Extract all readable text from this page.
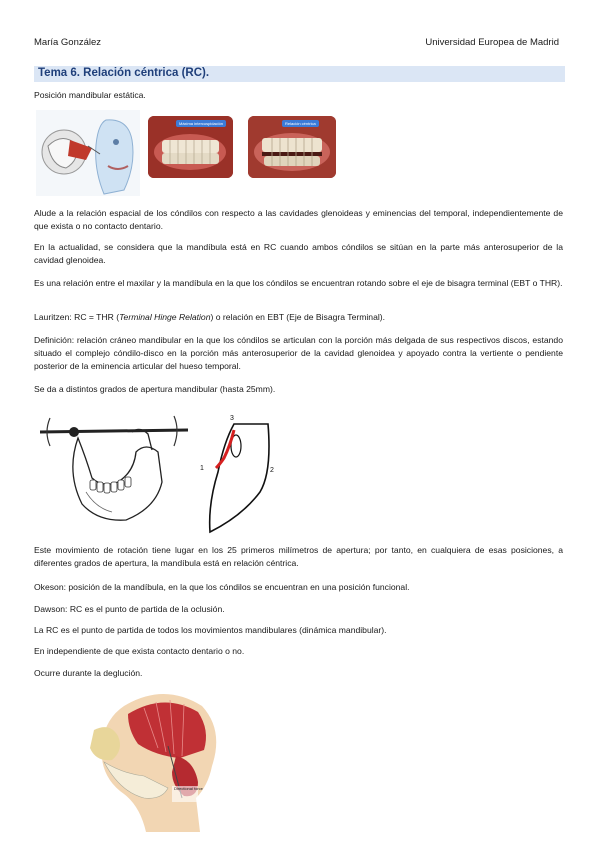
María González	Universidad Europea de Madrid
Tema 6. Relación céntrica (RC).
Posición mandibular estática.
Máxima intercuspidación	Relación céntrica
Alude a la relación espacial de los cóndilos con respecto a las cavidades glenoideas y eminencias del temporal, independientemente de que exista o no contacto dentario.
En la actualidad, se considera que la mandíbula está en RC cuando ambos cóndilos se sitúan en la parte más anterosuperior de la cavidad glenoidea.
Es una relación entre el maxilar y la mandíbula en la que los cóndilos se encuentran rotando sobre el eje de bisagra terminal (EBT o THR).
Lauritzen: RC = THR (Terminal Hinge Relation) o relación en EBT (Eje de Bisagra Terminal).
Definición: relación cráneo mandibular en la que los cóndilos se articulan con la porción más delgada de sus respectivos discos, estando situado el complejo cóndilo-disco en la porción más anterosuperior de la cavidad glenoidea y apoyado contra la vertiente o pendiente posterior de la eminencia articular del hueso temporal.
Se da a distintos grados de apertura mandibular (hasta 25mm).
3
1	2
Este movimiento de rotación tiene lugar en los 25 primeros milímetros de apertura; por tanto, en cualquiera de esas posiciones, a diferentes grados de apertura, la mandíbula está en relación céntrica.
Okeson: posición de la mandíbula, en la que los cóndilos se encuentran en una posición funcional.
Dawson: RC es el punto de partida de la oclusión.
La RC es el punto de partida de todos los movimientos mandibulares (dinámica mandibular).
En independiente de que exista contacto dentario o no.
Ocurre durante la deglución.
Directional force
